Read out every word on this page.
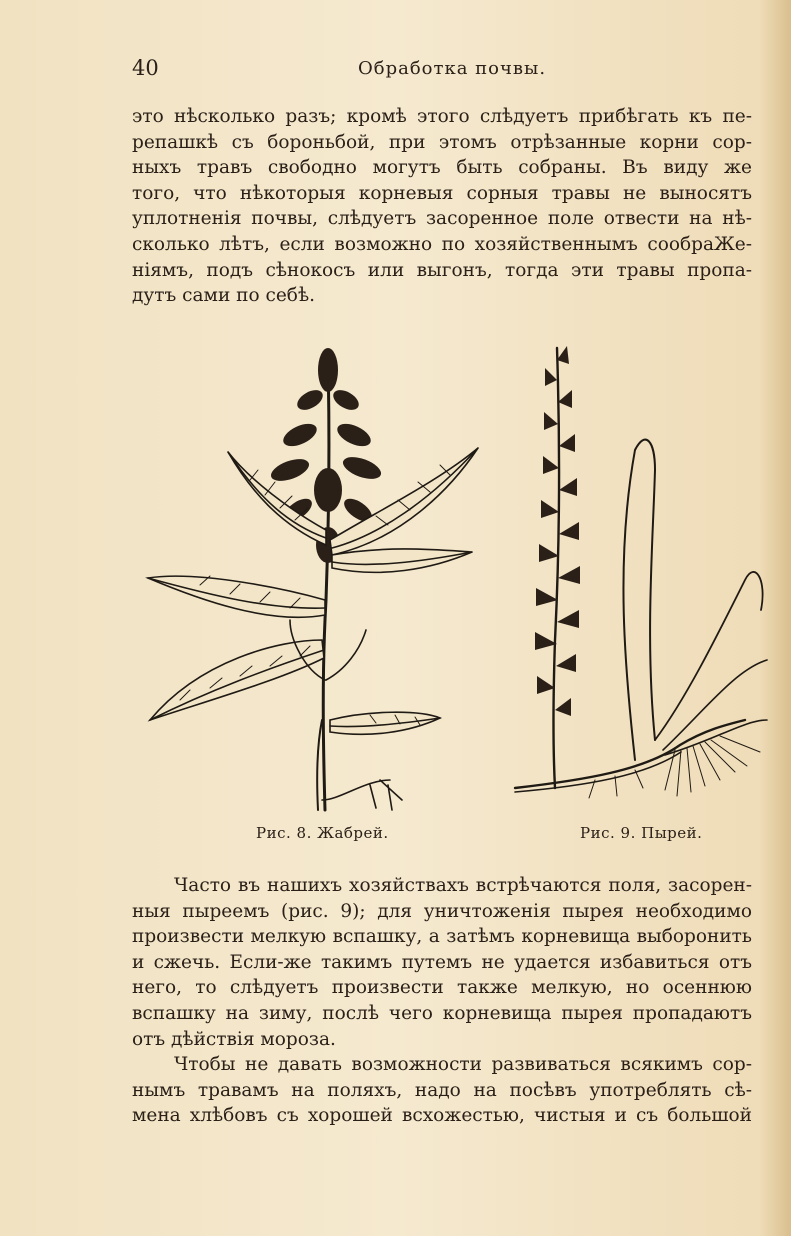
40	Обработка почвы.

это нѣсколько разъ; кромѣ этого слѣдуетъ прибѣгать къ пе-
репашкѣ съ бороньбой, при этомъ отрѣзанные корни сор-
ныхъ травъ свободно могутъ быть собраны. Въ виду же
того, что нѣкоторыя корневыя сорныя травы не выносятъ
уплотненія почвы, слѣдуетъ засоренное поле отвести на нѣ-
сколько лѣтъ, если возможно по хозяйственнымъ сообраЖе-
ніямъ, подъ сѣнокосъ или выгонъ, тогда эти травы пропа-
дутъ сами по себѣ.

Рис. 8. Жабрей.	Рис. 9. Пырей.

Часто въ нашихъ хозяйствахъ встрѣчаются поля, засорен-
ныя пыреемъ (рис. 9); для уничтоженія пырея необходимо
произвести мелкую вспашку, а затѣмъ корневища выборонить
и сжечь. Если-же такимъ путемъ не удается избавиться отъ
него, то слѣдуетъ произвести также мелкую, но осеннюю
вспашку на зиму, послѣ чего корневища пырея пропадаютъ
отъ дѣйствія мороза.

Чтобы не давать возможности развиваться всякимъ сор-
нымъ травамъ на поляхъ, надо на посѣвъ употреблять сѣ-
мена хлѣбовъ съ хорошей всхожестью, чистыя и съ большой
